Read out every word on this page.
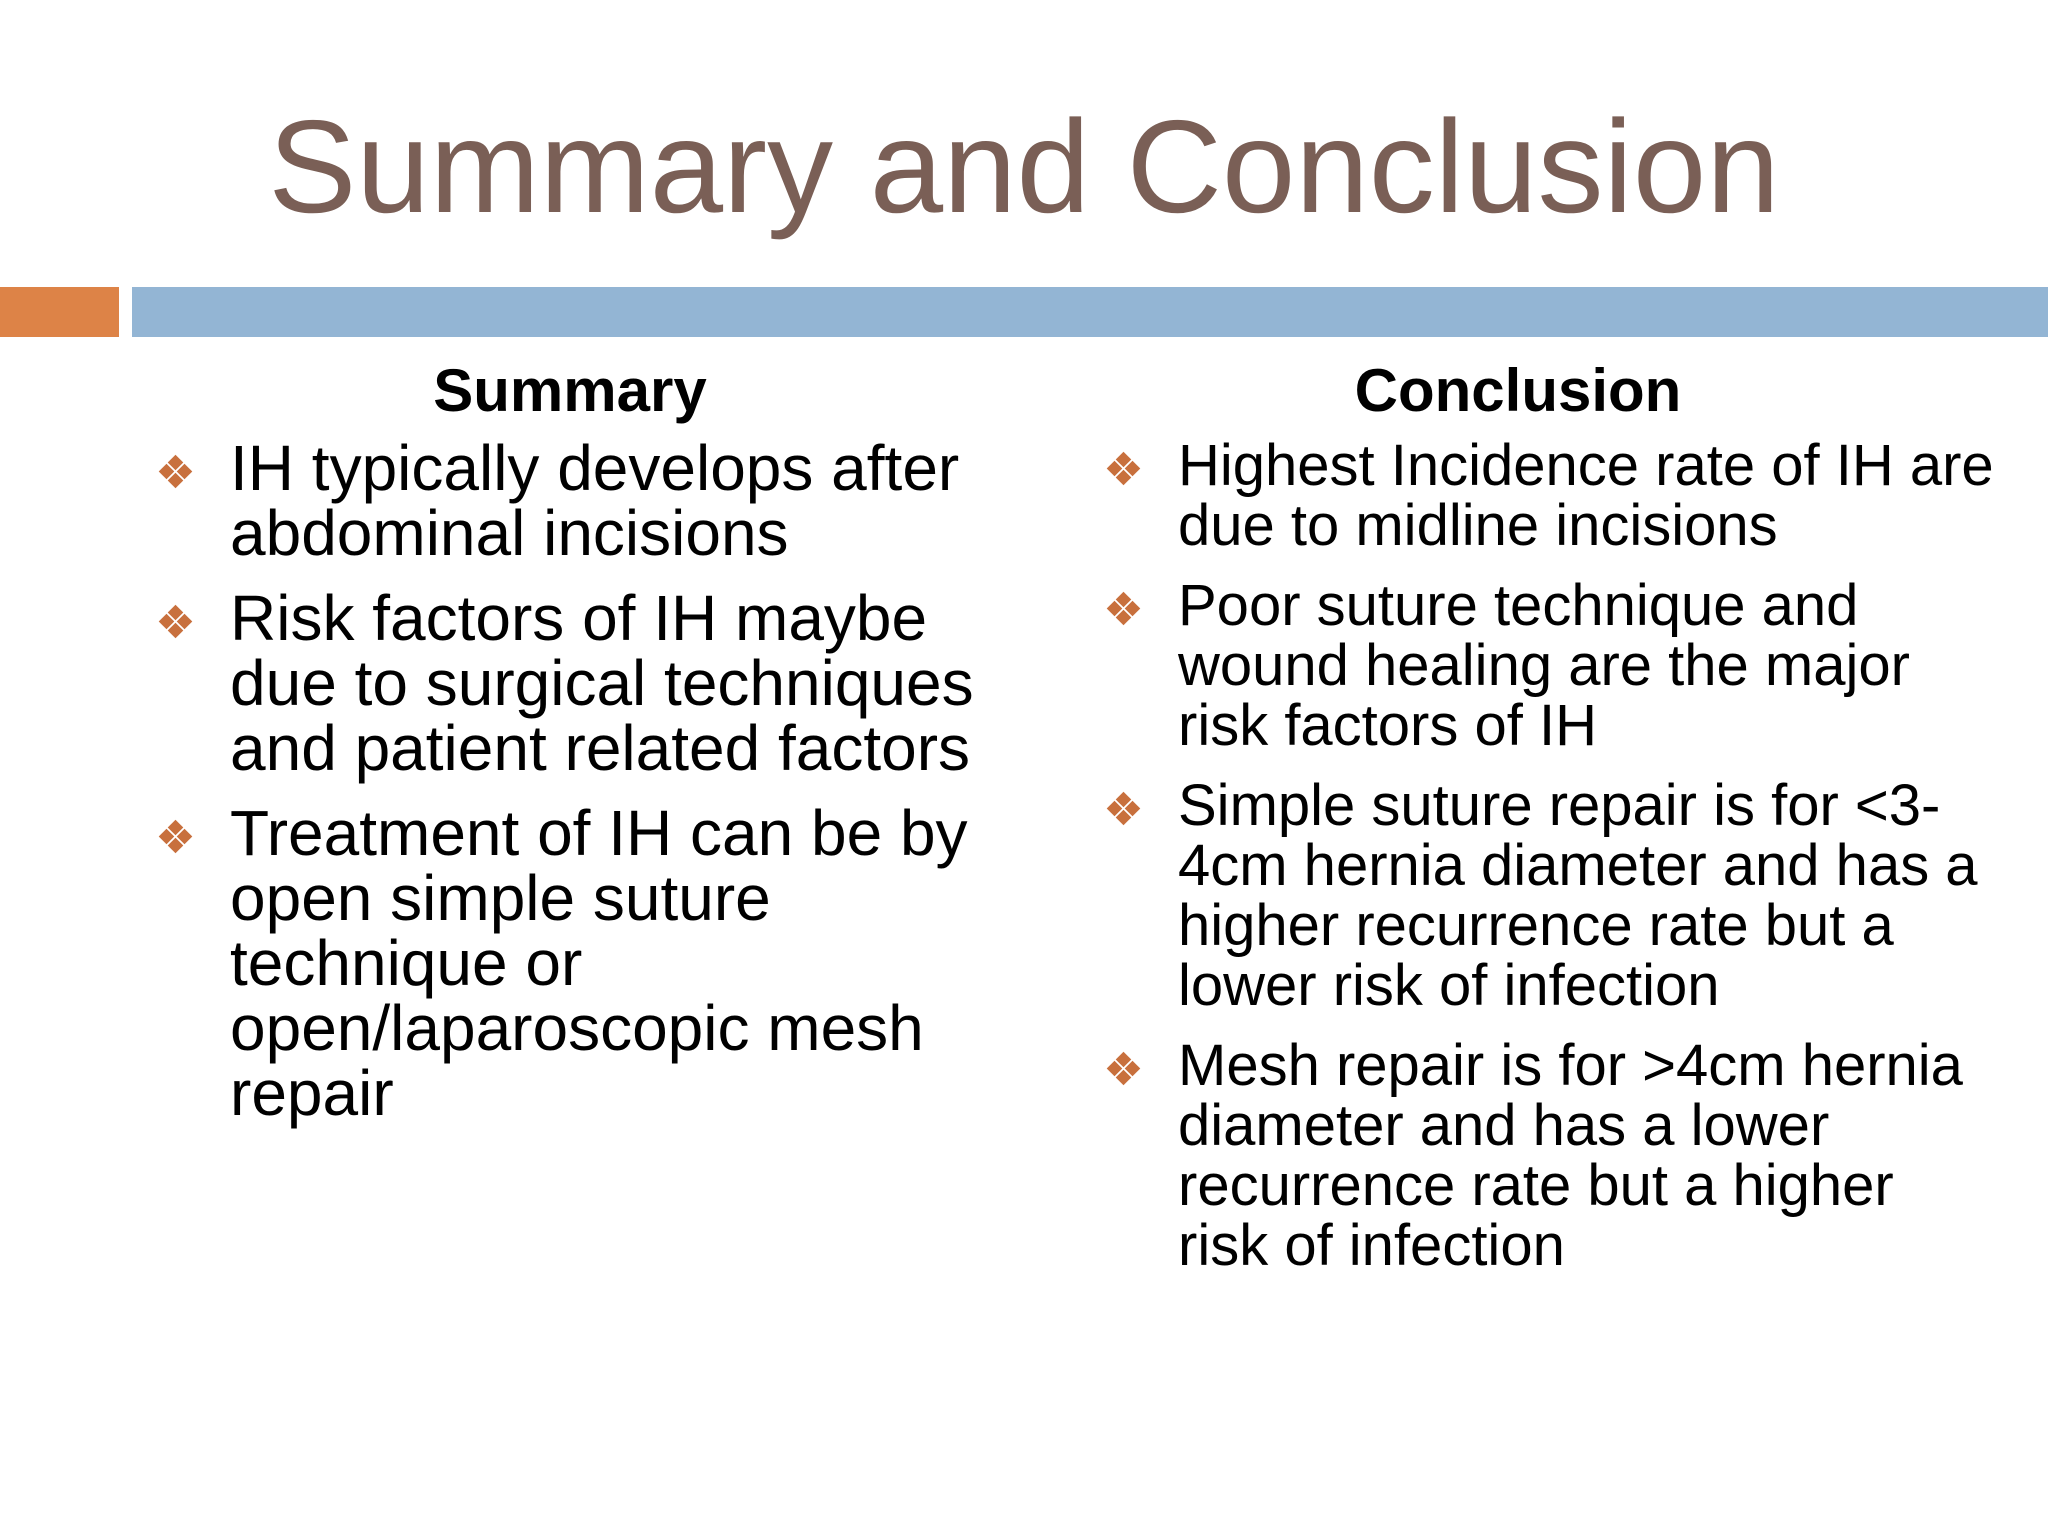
Summary and Conclusion
Summary
IH typically develops after abdominal incisions
Risk factors of IH maybe due to surgical techniques and patient related factors
Treatment of IH can be by open simple suture technique or open/laparoscopic mesh repair
Conclusion
Highest Incidence rate of IH are due to midline incisions
Poor suture technique and wound healing are the major risk factors of IH
Simple suture repair is for <3-4cm hernia diameter and has a higher recurrence rate but a lower risk of infection
Mesh repair is for >4cm hernia diameter and has a lower recurrence rate but a higher risk of infection
